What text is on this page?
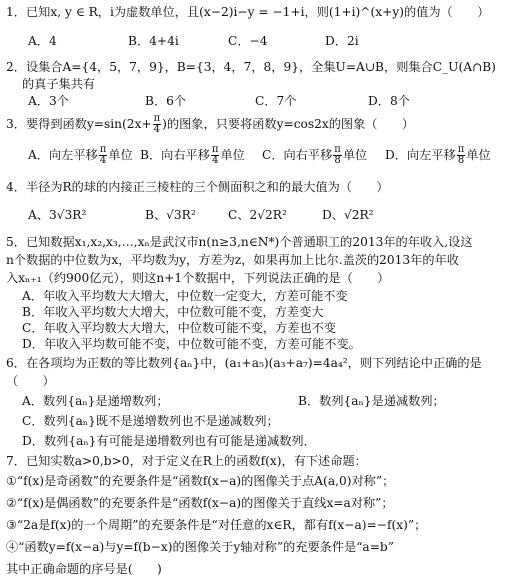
1．已知x, y ∈ R，i为虚数单位，且(x−2)i−y = −1+i，则(1+i)^(x+y)的值为（　　）
A．4	B．4+4i	C．−4	D．2i
2．设集合A={4，5，7，9}，B={3，4，7，8，9}，全集U=A∪B，则集合C_U(A∩B)
的真子集共有
A．3个	B．6个	C．7个	D．8个
3．要得到函数$y=\sin(2x+ \frac{\pi}{4}$ )的图象，只要将函数y=cos2x的图象（　　）
A．向左平移 $\frac{\pi}{4}$ 单位 B．向右平移 $\frac{\pi}{4}$ 单位 C．向右平移 $\frac{\pi}{8}$ 单位 D．向左平移 $\frac{\pi}{8}$ 单位
4．半径为R的球的内接正三棱柱的三个侧面积之和的最大值为（　　）
A、3√3R²	B、√3R²	C、2√2R²	D、√2R²
5．已知数据x₁,x₂,x₃,…,xₙ是武汉市n(n≥3,n∈N*)个普通职工的2013年的年收入,设这
n个数据的中位数为x，平均数为y，方差为z，如果再加上比尔.盖茨的2013年的年收
入xₙ₊₁（约900亿元），则这n+1个数据中，下列说法正确的是（　　）
A．年收入平均数大大增大，中位数一定变大，方差可能不变
B．年收入平均数大大增大，中位数可能不变，方差变大
C．年收入平均数大大增大，中位数可能不变，方差也不变
D．年收入平均数可能不变，中位数可能不变，方差可能不变。
6．在各项均为正数的等比数列{aₙ}中，(a₁+a₅)(a₃+a₇)=4a₄²，则下列结论中正确的是
（　　）
A．数列{aₙ}是递增数列；	B．数列{aₙ}是递减数列；
C．数列{aₙ}既不是递增数列也不是递减数列；
D．数列{aₙ}有可能是递增数列也有可能是递减数列．
7．已知实数a>0,b>0，对于定义在R上的函数f(x)，有下述命题：
①“f(x)是奇函数”的充要条件是“函数f(x−a)的图像关于点A(a,0)对称”；
②“f(x)是偶函数”的充要条件是“函数f(x−a)的图像关于直线x=a对称”；
③“2a是f(x)的一个周期”的充要条件是“对任意的x∈R，都有f(x−a)=−f(x)”；
④“函数y=f(x−a)与y=f(b−x)的图像关于y轴对称”的充要条件是“a=b”
其中正确命题的序号是(　　)
